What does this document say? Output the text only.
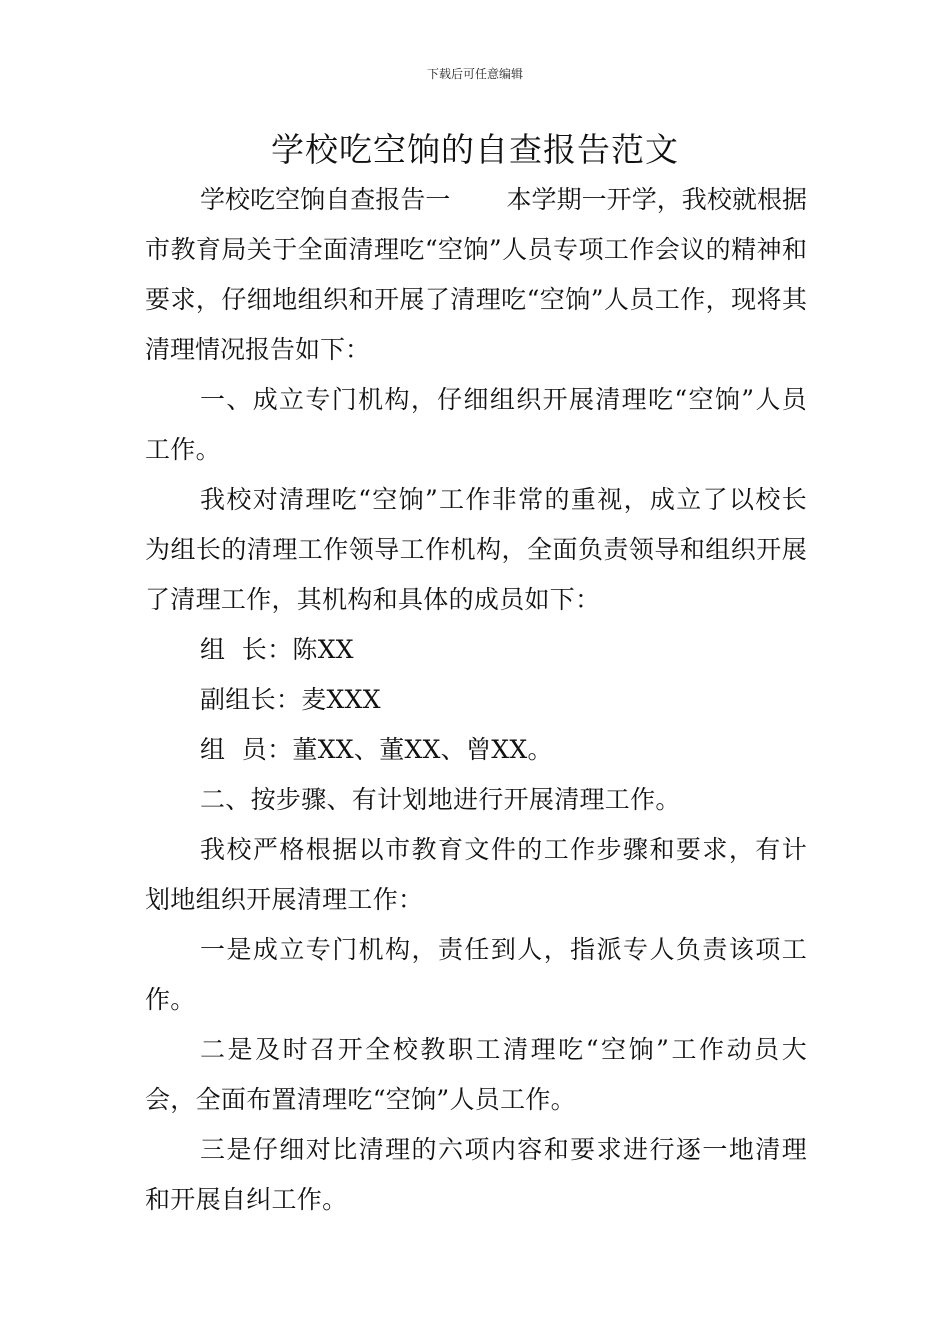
下载后可任意编辑
学校吃空饷的自查报告范文

学校吃空饷自查报告一 本学期一开学，我校就根据市教育局关于全面清理吃“空饷”人员专项工作会议的精神和要求，仔细地组织和开展了清理吃“空饷”人员工作，现将其清理情况报告如下：

一、成立专门机构，仔细组织开展清理吃“空饷”人员工作。

我校对清理吃“空饷”工作非常的重视，成立了以校长为组长的清理工作领导工作机构，全面负责领导和组织开展了清理工作，其机构和具体的成员如下：

组  长：陈XX

副组长：麦XXX

组  员：董XX、董XX、曾XX。

二、按步骤、有计划地进行开展清理工作。

我校严格根据以市教育文件的工作步骤和要求，有计划地组织开展清理工作：

一是成立专门机构，责任到人，指派专人负责该项工作。

二是及时召开全校教职工清理吃“空饷”工作动员大会，全面布置清理吃“空饷”人员工作。

三是仔细对比清理的六项内容和要求进行逐一地清理和开展自纠工作。
